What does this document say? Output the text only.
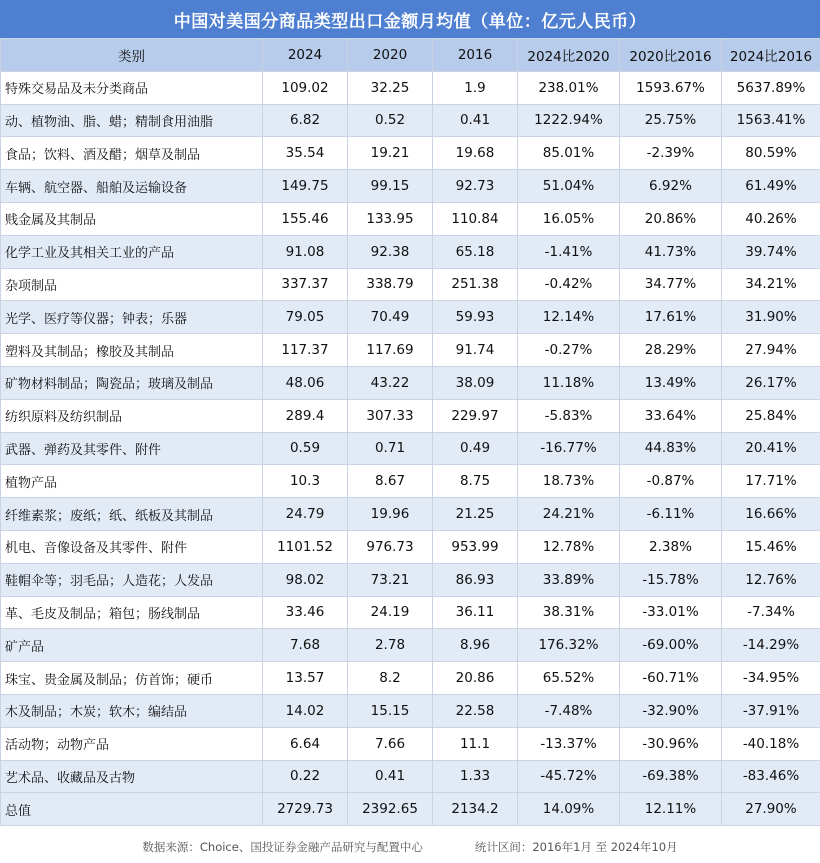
中国对美国分商品类型出口金额月均值（单位：亿元人民币）
类别	2024	2020	2016	2024比2020	2020比2016	2024比2016
特殊交易品及未分类商品	109.02	32.25	1.9	238.01%	1593.67%	5637.89%
动、植物油、脂、蜡；精制食用油脂	6.82	0.52	0.41	1222.94%	25.75%	1563.41%
食品；饮料、酒及醋；烟草及制品	35.54	19.21	19.68	85.01%	-2.39%	80.59%
车辆、航空器、船舶及运输设备	149.75	99.15	92.73	51.04%	6.92%	61.49%
贱金属及其制品	155.46	133.95	110.84	16.05%	20.86%	40.26%
化学工业及其相关工业的产品	91.08	92.38	65.18	-1.41%	41.73%	39.74%
杂项制品	337.37	338.79	251.38	-0.42%	34.77%	34.21%
光学、医疗等仪器；钟表；乐器	79.05	70.49	59.93	12.14%	17.61%	31.90%
塑料及其制品；橡胶及其制品	117.37	117.69	91.74	-0.27%	28.29%	27.94%
矿物材料制品；陶瓷品；玻璃及制品	48.06	43.22	38.09	11.18%	13.49%	26.17%
纺织原料及纺织制品	289.4	307.33	229.97	-5.83%	33.64%	25.84%
武器、弹药及其零件、附件	0.59	0.71	0.49	-16.77%	44.83%	20.41%
植物产品	10.3	8.67	8.75	18.73%	-0.87%	17.71%
纤维素浆；废纸；纸、纸板及其制品	24.79	19.96	21.25	24.21%	-6.11%	16.66%
机电、音像设备及其零件、附件	1101.52	976.73	953.99	12.78%	2.38%	15.46%
鞋帽伞等；羽毛品；人造花；人发品	98.02	73.21	86.93	33.89%	-15.78%	12.76%
革、毛皮及制品；箱包；肠线制品	33.46	24.19	36.11	38.31%	-33.01%	-7.34%
矿产品	7.68	2.78	8.96	176.32%	-69.00%	-14.29%
珠宝、贵金属及制品；仿首饰；硬币	13.57	8.2	20.86	65.52%	-60.71%	-34.95%
木及制品；木炭；软木；编结品	14.02	15.15	22.58	-7.48%	-32.90%	-37.91%
活动物；动物产品	6.64	7.66	11.1	-13.37%	-30.96%	-40.18%
艺术品、收藏品及古物	0.22	0.41	1.33	-45.72%	-69.38%	-83.46%
总值	2729.73	2392.65	2134.2	14.09%	12.11%	27.90%
数据来源：Choice、国投证券金融产品研究与配置中心	统计区间：2016年1月 至 2024年10月
